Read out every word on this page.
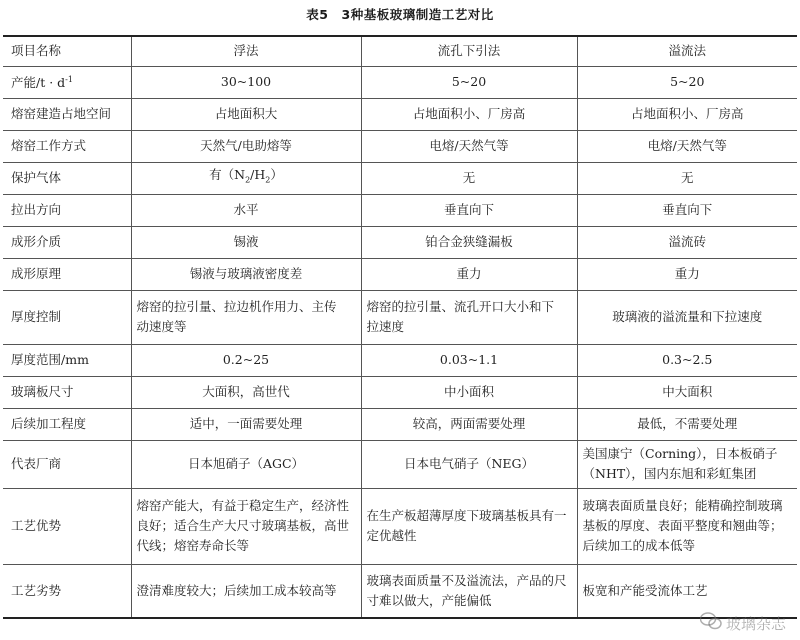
表5　3种基板玻璃制造工艺对比
项目名称	浮法	流孔下引法	溢流法
产能$/t \cdot d^{-1}$	30~100	5~20	5~20
熔窑建造占地空间	占地面积大	占地面积小、厂房高	占地面积小、厂房高
熔窑工作方式	天然气/电助熔等	电熔/天然气等	电熔/天然气等
保护气体	有$(N_2/H_2)$	无	无
拉出方向	水平	垂直向下	垂直向下
成形介质	锡液	铂合金狭缝漏板	溢流砖
成形原理	锡液与玻璃液密度差	重力	重力
厚度控制	熔窑的拉引量、拉边机作用力、主传动速度等	熔窑的拉引量、流孔开口大小和下拉速度	玻璃液的溢流量和下拉速度
厚度范围/mm	0.2~25	0.03~1.1	0.3~2.5
玻璃板尺寸	大面积，高世代	中小面积	中大面积
后续加工程度	适中，一面需要处理	较高，两面需要处理	最低，不需要处理
代表厂商	日本旭硝子（AGC）	日本电气硝子（NEG）	美国康宁（Corning），日本板硝子（NHT），国内东旭和彩虹集团
工艺优势	熔窑产能大，有益于稳定生产，经济性良好；适合生产大尺寸玻璃基板，高世代线；熔窑寿命长等	在生产板超薄厚度下玻璃基板具有一定优越性	玻璃表面质量良好；能精确控制玻璃基板的厚度、表面平整度和翘曲等；后续加工的成本低等
工艺劣势	澄清难度较大；后续加工成本较高等	玻璃表面质量不及溢流法，产品的尺寸难以做大，产能偏低	板宽和产能受流体工艺
玻璃杂志
